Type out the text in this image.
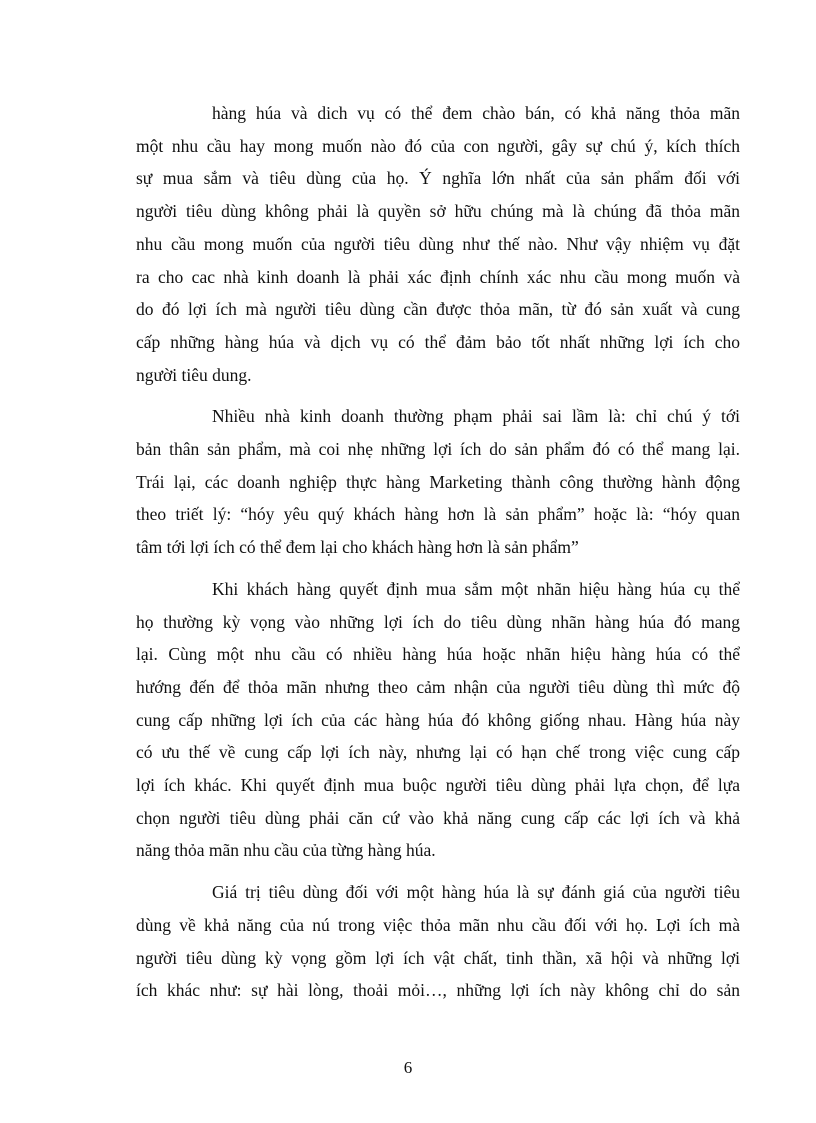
hàng húa và dich vụ có thể đem chào bán, có khả năng thỏa mãn
một nhu cầu hay mong muốn nào đó của con người, gây sự chú ý, kích thích
sự mua sắm và tiêu dùng của họ. Ý nghĩa lớn nhất của sản phẩm đối với
người tiêu dùng không phải là quyền sở hữu chúng mà là chúng đã thỏa mãn
nhu cầu mong muốn của người tiêu dùng như thế nào. Như vậy nhiệm vụ đặt
ra cho cac nhà kinh doanh là phải xác định chính xác nhu cầu mong muốn và
do đó lợi ích mà người tiêu dùng cần được thỏa mãn, từ đó sản xuất và cung
cấp những hàng húa và dịch vụ có thể đảm bảo tốt nhất những lợi ích cho
người tiêu dung.

Nhiều nhà kinh doanh thường phạm phải sai lầm là: chỉ chú ý tới
bản thân sản phẩm, mà coi nhẹ những lợi ích do sản phẩm đó có thể mang lại.
Trái lại, các doanh nghiệp thực hàng Marketing thành công thường hành động
theo triết lý: “hóy yêu quý khách hàng hơn là sản phẩm” hoặc là: “hóy quan
tâm tới lợi ích có thể đem lại cho khách hàng hơn là sản phẩm”

Khi khách hàng quyết định mua sắm một nhãn hiệu hàng húa cụ thể
họ thường kỳ vọng vào những lợi ích do tiêu dùng nhãn hàng húa đó mang
lại. Cùng một nhu cầu có nhiều hàng húa hoặc nhãn hiệu hàng húa có thể
hướng đến để thỏa mãn nhưng theo cảm nhận của người tiêu dùng thì mức độ
cung cấp những lợi ích của các hàng húa đó không giống nhau. Hàng húa này
có ưu thế về cung cấp lợi ích này, nhưng lại có hạn chế trong việc cung cấp
lợi ích khác. Khi quyết định mua buộc người tiêu dùng phải lựa chọn, để lựa
chọn người tiêu dùng phải căn cứ vào khả năng cung cấp các lợi ích và khả
năng thỏa mãn nhu cầu của từng hàng húa.

Giá trị tiêu dùng đối với một hàng húa là sự đánh giá của người tiêu
dùng về khả năng của nú trong việc thỏa mãn nhu cầu đối với họ. Lợi ích mà
người tiêu dùng kỳ vọng gồm lợi ích vật chất, tinh thần, xã hội và những lợi
ích khác như: sự hài lòng, thoải mỏi…, những lợi ích này không chỉ do sản

6
